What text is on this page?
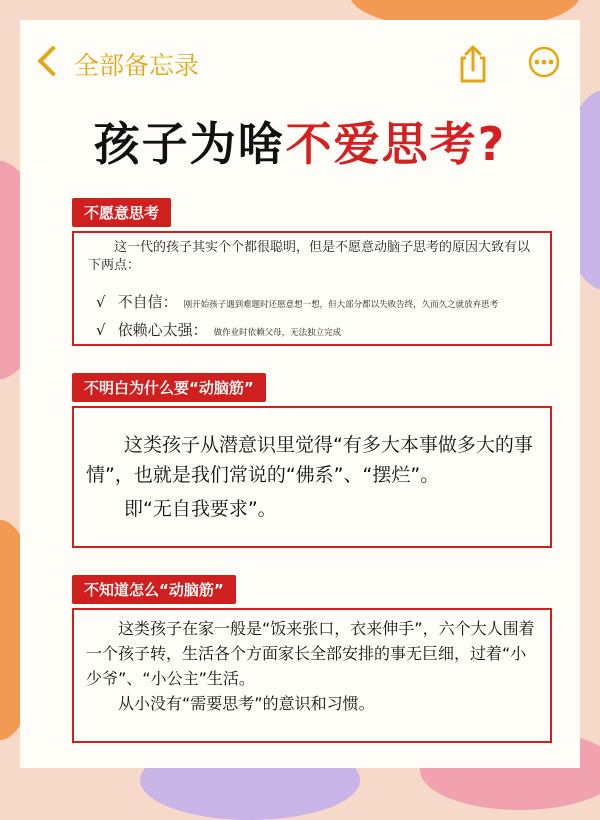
全部备忘录
孩子为啥不爱思考?
不愿意思考
这一代的孩子其实个个都很聪明，但是不愿意动脑子思考的原因大致有以下两点：
√ 不自信： 刚开始孩子遇到难题时还愿意想一想，但大部分都以失败告终，久而久之就放弃思考
√ 依赖心太强： 做作业时依赖父母，无法独立完成
不明白为什么要“动脑筋”
这类孩子从潜意识里觉得“有多大本事做多大的事情”，也就是我们常说的“佛系”、“摆烂”。
即“无自我要求”。
不知道怎么“动脑筋”
这类孩子在家一般是“饭来张口，衣来伸手”，六个大人围着一个孩子转，生活各个方面家长全部安排的事无巨细，过着“小少爷”、“小公主”生活。
从小没有“需要思考”的意识和习惯。
